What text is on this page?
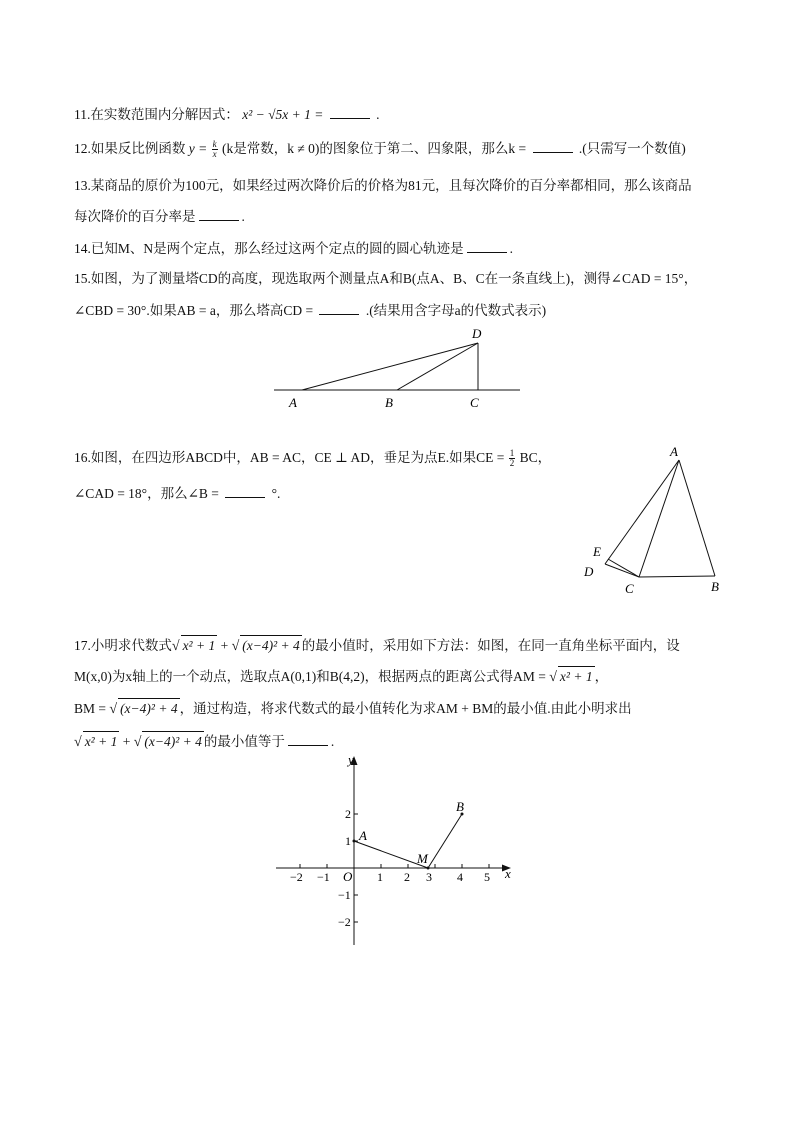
11.在实数范围内分解因式： x² − √5x + 1 =	.
12.如果反比例函数 $y = \frac{k}{x} (k$是常数，k ≠ 0)的图象位于第二、四象限，那么k =	.(只需写一个数值)
13.某商品的原价为100元，如果经过两次降价后的价格为81元，且每次降价的百分率都相同，那么该商品
每次降价的百分率是	.
14.已知M、N是两个定点，那么经过这两个定点的圆的圆心轨迹是	.
15.如图，为了测量塔CD的高度，现选取两个测量点A和B(点A、B、C在一条直线上)，测得∠CAD = 15°，
∠CBD = 30°.如果AB = a，那么塔高CD =	.(结果用含字母a的代数式表示)
D
A	B	C
16.如图，在四边形ABCD中，AB = AC，CE ⊥ AD，垂足为点E.如果CE = $\frac{1}{2}$ BC，
∠CAD = 18°，那么∠B =	°.
A
E
D
C	B
17.小明求代数式√ x² + 1 + √ (x−4)² + 4 的最小值时，采用如下方法：如图，在同一直角坐标平面内，设
M(x,0)为x轴上的一个动点，选取点A(0,1)和B(4,2)，根据两点的距离公式得AM = √ x² + 1 ，
BM = √ (x−4)² + 4 ，通过构造，将求代数式的最小值转化为求AM + BM的最小值.由此小明求出
√ x² + 1 + √ (x−4)² + 4 的最小值等于	.
−2 −1	1 2 3 4 5
2
1
−1
−2
y
x
O
A
B
M
